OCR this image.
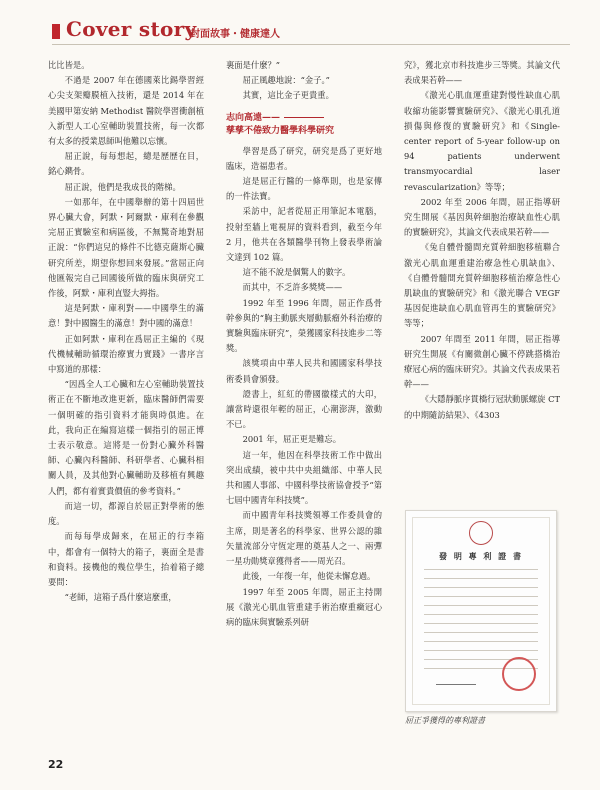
Cover story
封面故事・健康達人

比比皆是。

不過是 2007 年在德國萊比錫學習經心尖支架瓣膜植入技術，還是 2014 年在美國甲第安納 Methodist 醫院學習衝創植入新型人工心室輔助裝置技術，每一次都有太多的授業恩師叫他難以忘懷。

屈正說，每每想起，總是歷歷在目，銘心鐫骨。

屈正說，他們是我成長的階梯。

一如那年，在中國舉辦的第十四屆世界心臟大會，阿默・阿爾默・庫利在參觀完屈正實驗室和病區後，不無驚奇地對屈正說：“你們這兒的條件不比德克薩斯心臟研究所差，期望你想回來發展。”當屈正向他匯報完自己回國後所做的臨床與研究工作後，阿默・庫利直豎大拇指。

這是阿默・庫利對——中國學生的滿意！對中國醫生的滿意！對中國的滿意！

正如阿默・庫利在爲屈正主編的《現代機械輔助循環治療實力實踐》一書序言中寫道的那樣：

“因爲全人工心臟和左心室輔助裝置技術正在不斷地改進更新，臨床醫師們需要一個明確的指引資料才能與時俱進。在此，我向正在編寫這樣一個指引的屈正博士表示敬意。這將是一份對心臟外科醫師、心臟內科醫師、科研學者、心臟科相關人員，及其他對心臟輔助及移植有興趣人們，都有着實貴價值的參考資料。”

而這一切，都源自於屈正對學術的態度。

而每每學成歸來，在屈正的行李箱中，都會有一個特大的箱子，裏面全是書和資料。接機他的幾位學生，抬着箱子總要問：

“老師，這箱子爲什麼這麼重，

裏面是什麼？”

屈正風趣地說：“金子。”

其實，這比金子更貴重。

志向高遠——
孳孳不倦致力醫學科學研究

學習是爲了研究，研究是爲了更好地臨床，造福患者。

這是屈正行醫的一條準則，也是家傳的一件法寶。

采訪中，記者從屈正用筆記本電腦，投射至牆上電視屏的資料看到，截至今年 2 月，他共在各類醫學刊物上發表學術論文達到 102 篇。

這不能不說是個驚人的數字。

而其中，不乏許多獎獎——

1992 年至 1996 年間，屈正作爲骨幹參與的“胸主動脈夾層動脈瘤外科治療的實驗與臨床研究”，榮獲國家科技進步二等獎。

該獎項由中華人民共和國國家科學技術委員會頒發。

證書上，紅紅的帶國徽樣式的大印，讓當時還很年輕的屈正，心潮澎湃，激動不已。

2001 年，屈正更是難忘。

這一年，他因在科學技術工作中做出突出成績，被中共中央組織部、中華人民共和國人事部、中國科學技術協會授予“第七屆中國青年科技獎”。

而中國青年科技獎領導工作委員會的主席，則是著名的科學家、世界公認的雜矢量流部分守恆定理的奠基人之一、兩彈一星功勛獎章獲得者——周光召。

此後，一年復一年，他從未懈怠過。

1997 年至 2005 年間，屈正主持開展《激光心肌血管重建手術治療重癥冠心病的臨床與實驗系列研

究》，獲北京市科技進步三等獎。其論文代表成果若幹——

《激光心肌血運重建對慢性缺血心肌收縮功能影響實驗研究》、《激光心肌孔道損傷與修復的實驗研究》和《Single-center report of 5-year follow-up on 94 patients underwent transmyocardial laser revascularization》等等；

2002 年至 2006 年間，屈正指導研究生開展《基因與幹細胞治療缺血性心肌的實驗研究》，其論文代表成果若幹——

《兔自體骨髓間充質幹細胞移植聯合激光心肌血運重建治療急性心肌缺血》、《自體骨髓間充質幹細胞移植治療急性心肌缺血的實驗研究》和《激光聯合 VEGF 基因促進缺血心肌血管再生的實驗研究》等等；

2007 年間至 2011 年間，屈正指導研究生開展《有關微創心臟不停跳搭橋治療冠心病的臨床研究》。其論文代表成果若幹——

《大隱靜脈序貫橋行冠狀動脈螺旋 CT 的中期隨訪結果》、《4303

發 明 專 利 證 書
屈正爭獲得的專利證書
22
